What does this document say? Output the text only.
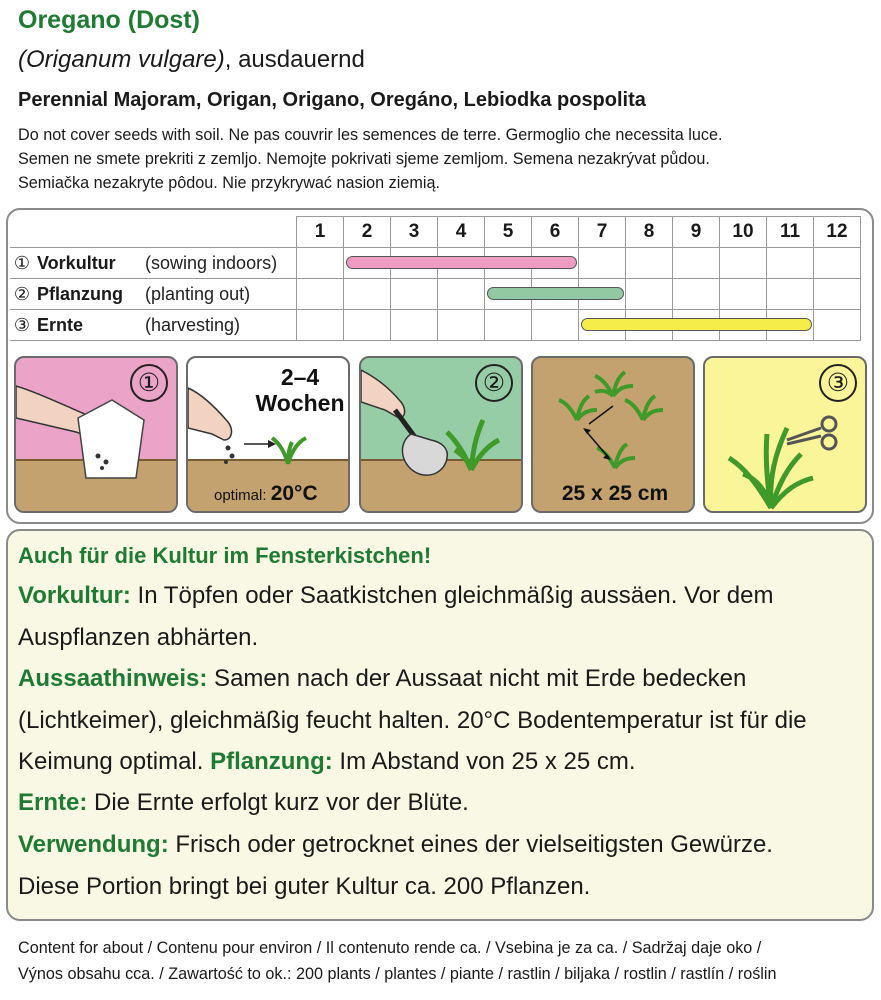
Oregano (Dost)
(Origanum vulgare), ausdauernd
Perennial Majoram, Origan, Origano, Oregáno, Lebiodka pospolita
Do not cover seeds with soil. Ne pas couvrir les semences de terre. Germoglio che necessita luce.
Semen ne smete prekriti z zemljo. Nemojte pokrivati sjeme zemljom. Semena nezakrývat půdou.
Semiačka nezakryte pôdou. Nie przykrywać nasion ziemią.
	1	2	3	4	5	6	7	8	9	10	11	12
① Vorkultur (sowing indoors)		

② Pflanzung (planting out)					

③ Ernte (harvesting)							

①	2–4
Wochen
optimal: 20°C
②
25 x 25 cm
③
Auch für die Kultur im Fensterkistchen!
Vorkultur: In Töpfen oder Saatkistchen gleichmäßig aussäen. Vor dem
Auspflanzen abhärten.
Aussaathinweis: Samen nach der Aussaat nicht mit Erde bedecken
(Lichtkeimer), gleichmäßig feucht halten. 20°C Bodentemperatur ist für die
Keimung optimal. Pflanzung: Im Abstand von 25 x 25 cm.
Ernte: Die Ernte erfolgt kurz vor der Blüte.
Verwendung: Frisch oder getrocknet eines der vielseitigsten Gewürze.
Diese Portion bringt bei guter Kultur ca. 200 Pflanzen.
Content for about / Contenu pour environ / Il contenuto rende ca. / Vsebina je za ca. / Sadržaj daje oko /
Výnos obsahu cca. / Zawartość to ok.: 200 plants / plantes / piante / rastlin / biljaka / rostlin / rastlín / roślin
